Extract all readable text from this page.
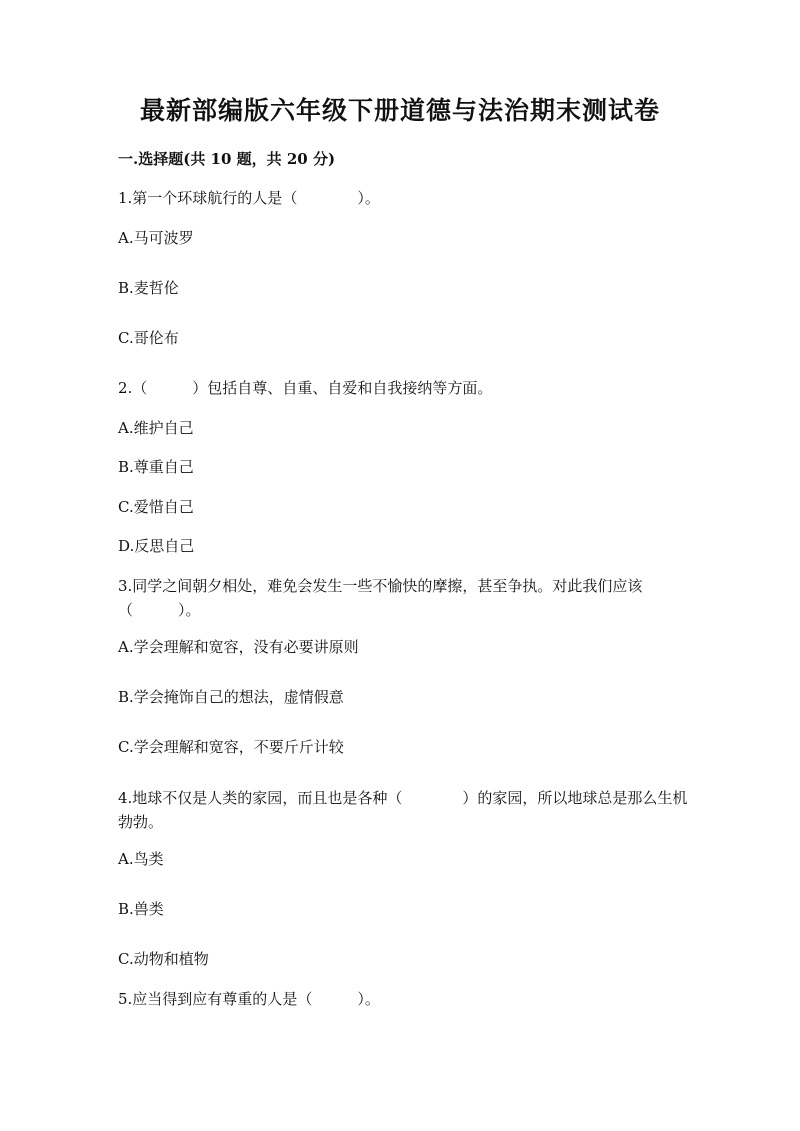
最新部编版六年级下册道德与法治期末测试卷
一.选择题(共 10 题，共 20 分)
1.第一个环球航行的人是（　　　　）。
A.马可波罗
B.麦哲伦
C.哥伦布
2.（　　　）包括自尊、自重、自爱和自我接纳等方面。
A.维护自己
B.尊重自己
C.爱惜自己
D.反思自己
3.同学之间朝夕相处，难免会发生一些不愉快的摩擦，甚至争执。对此我们应该（　　　）。
A.学会理解和宽容，没有必要讲原则
B.学会掩饰自己的想法，虚情假意
C.学会理解和宽容，不要斤斤计较
4.地球不仅是人类的家园，而且也是各种（　　　　）的家园，所以地球总是那么生机勃勃。
A.鸟类
B.兽类
C.动物和植物
5.应当得到应有尊重的人是（　　　）。
